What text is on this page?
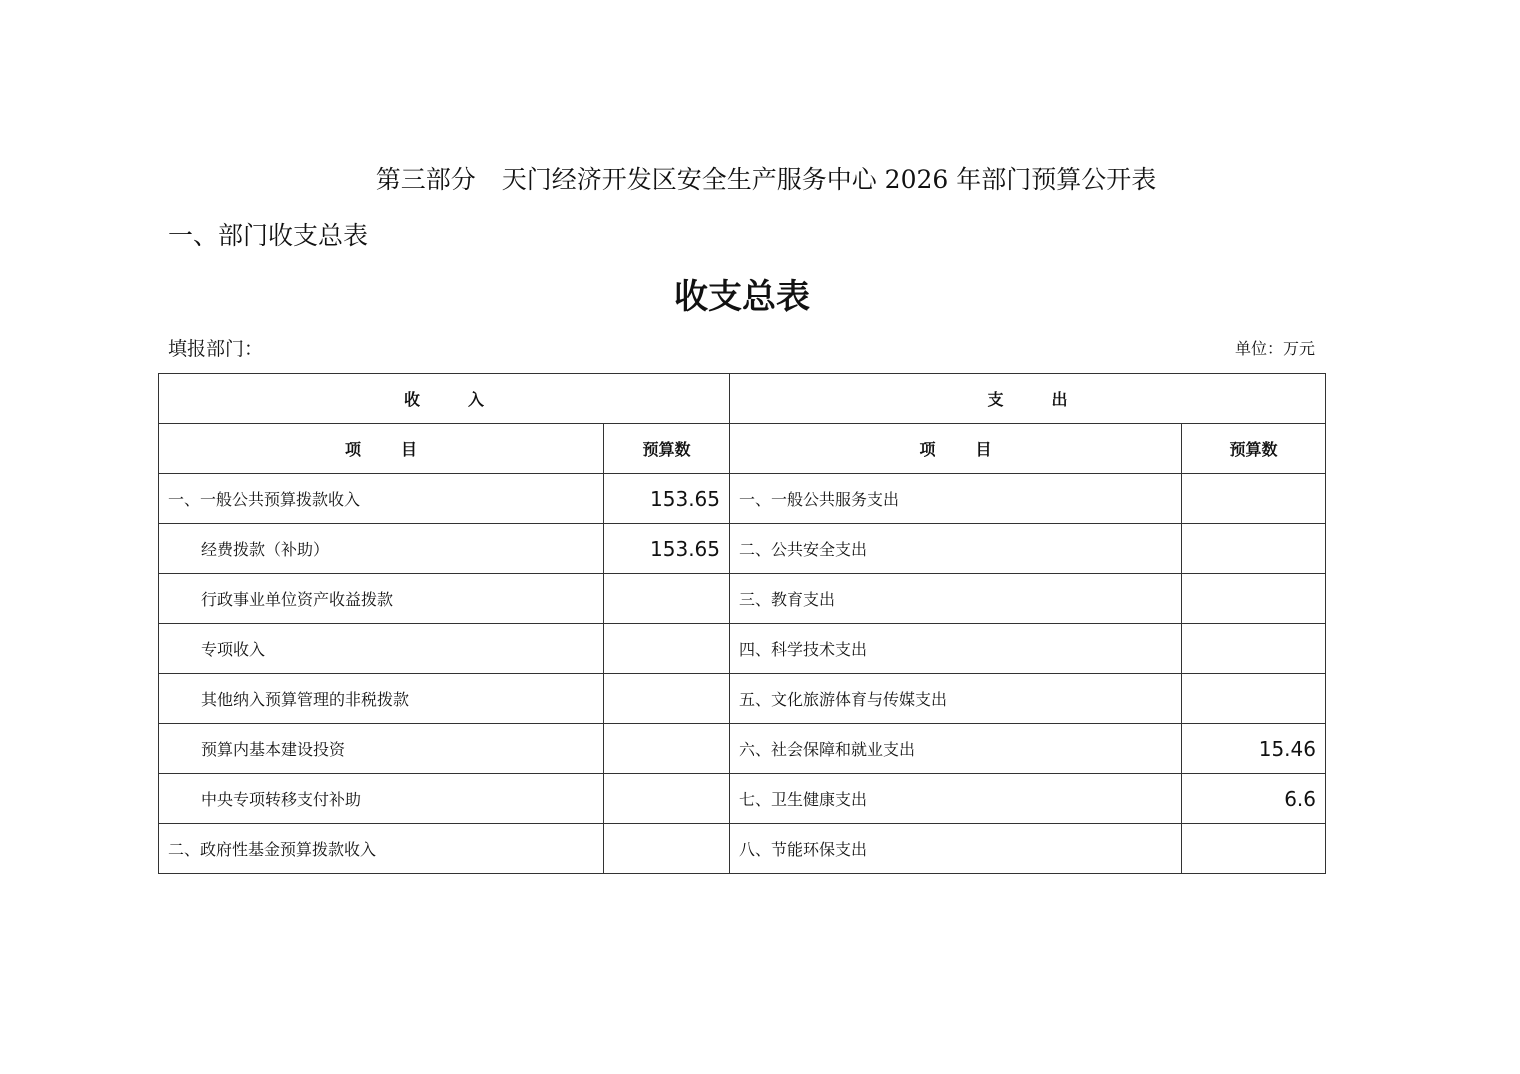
第三部分 天门经济开发区安全生产服务中心 2026 年部门预算公开表
一、部门收支总表
收支总表
填报部门：	单位：万元
收 入		支 出	
项 目	预算数	项 目	预算数
一、一般公共预算拨款收入	153.65	一、一般公共服务支出	
经费拨款（补助）	153.65	二、公共安全支出	
行政事业单位资产收益拨款		三、教育支出	
专项收入		四、科学技术支出	
其他纳入预算管理的非税拨款		五、文化旅游体育与传媒支出	
预算内基本建设投资		六、社会保障和就业支出	15.46
中央专项转移支付补助		七、卫生健康支出	6.6
二、政府性基金预算拨款收入		八、节能环保支出	
